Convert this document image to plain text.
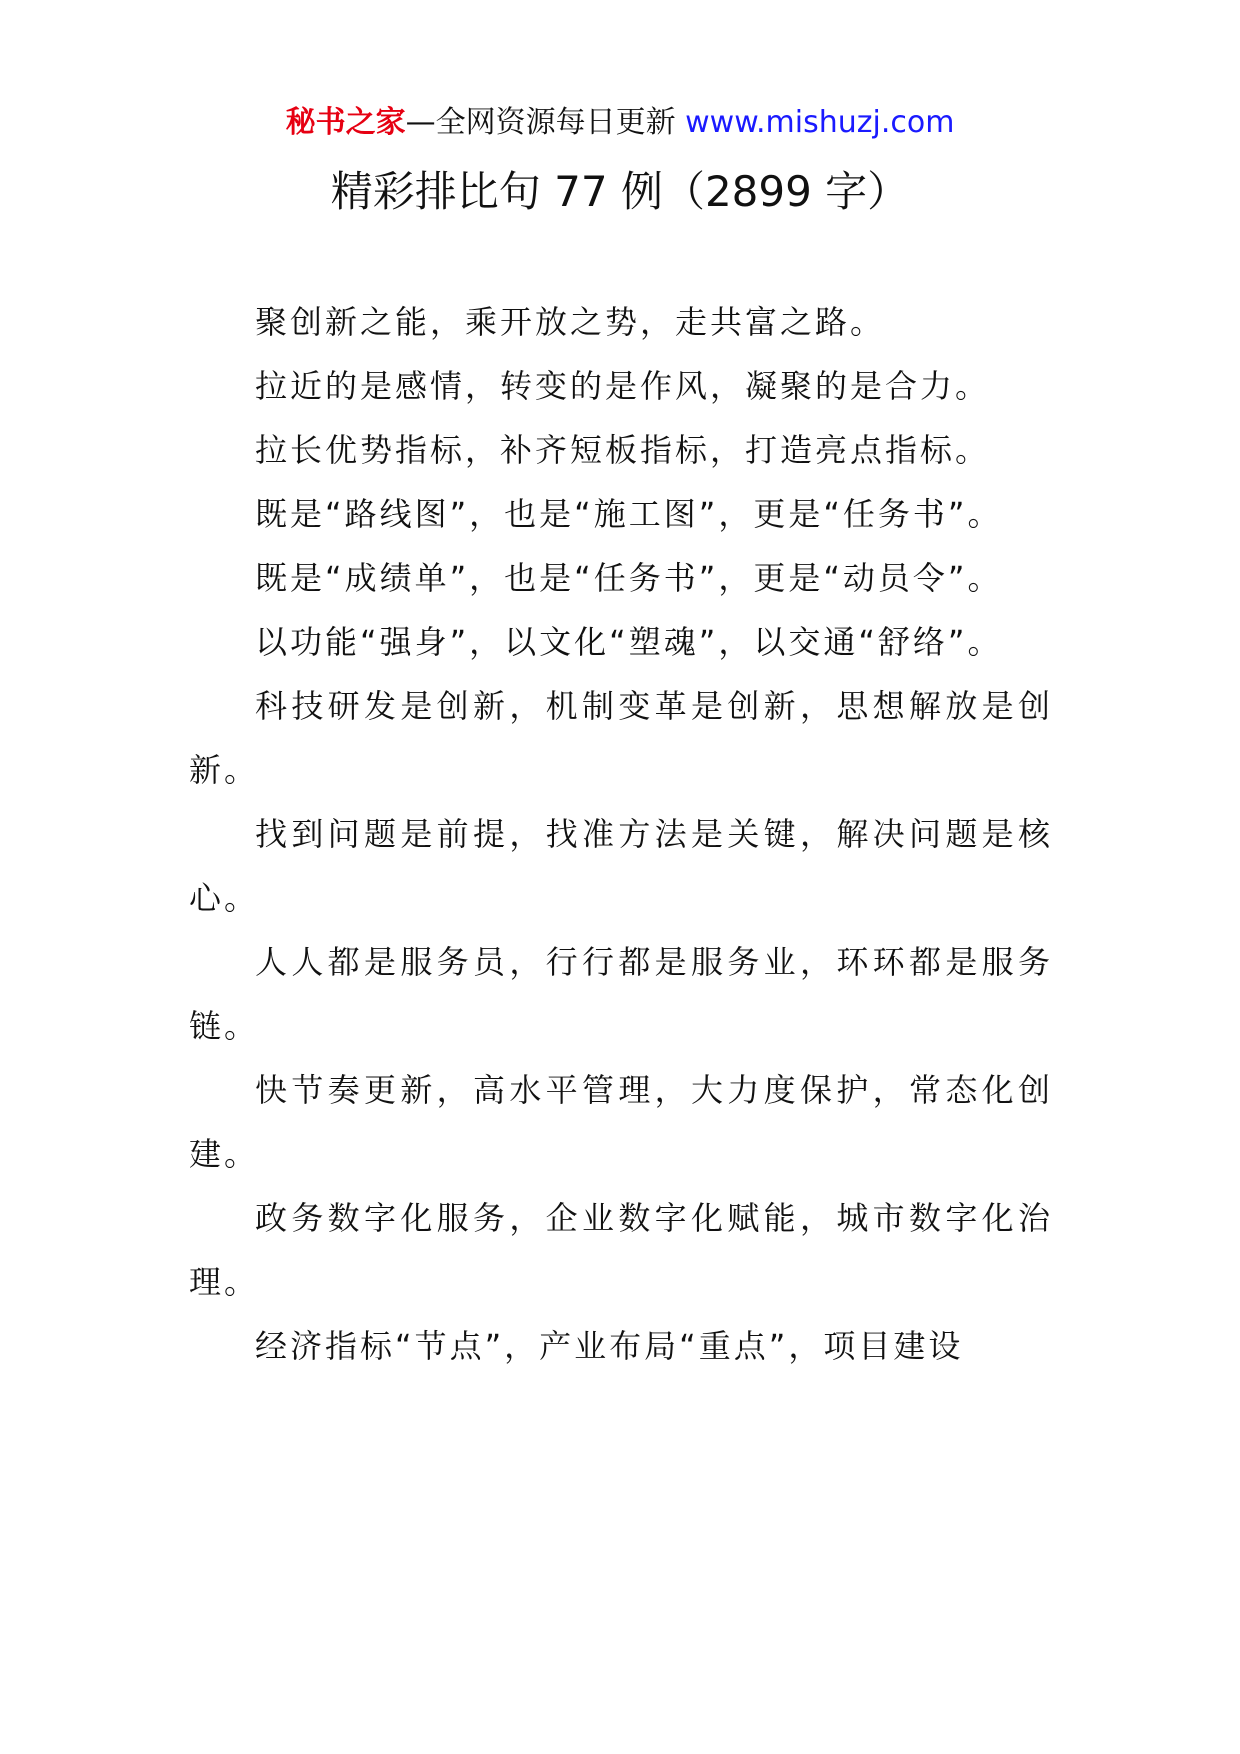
秘书之家—全网资源每日更新 www.mishuzj.com
精彩排比句 77 例（2899 字）

聚创新之能，乘开放之势，走共富之路。

拉近的是感情，转变的是作风，凝聚的是合力。

拉长优势指标，补齐短板指标，打造亮点指标。

既是“路线图”，也是“施工图”，更是“任务书”。

既是“成绩单”，也是“任务书”，更是“动员令”。

以功能“强身”，以文化“塑魂”，以交通“舒络”。

科技研发是创新，机制变革是创新，思想解放是创新。

找到问题是前提，找准方法是关键，解决问题是核心。

人人都是服务员，行行都是服务业，环环都是服务链。

快节奏更新，高水平管理，大力度保护，常态化创建。

政务数字化服务，企业数字化赋能，城市数字化治理。

经济指标“节点”，产业布局“重点”，项目建设
